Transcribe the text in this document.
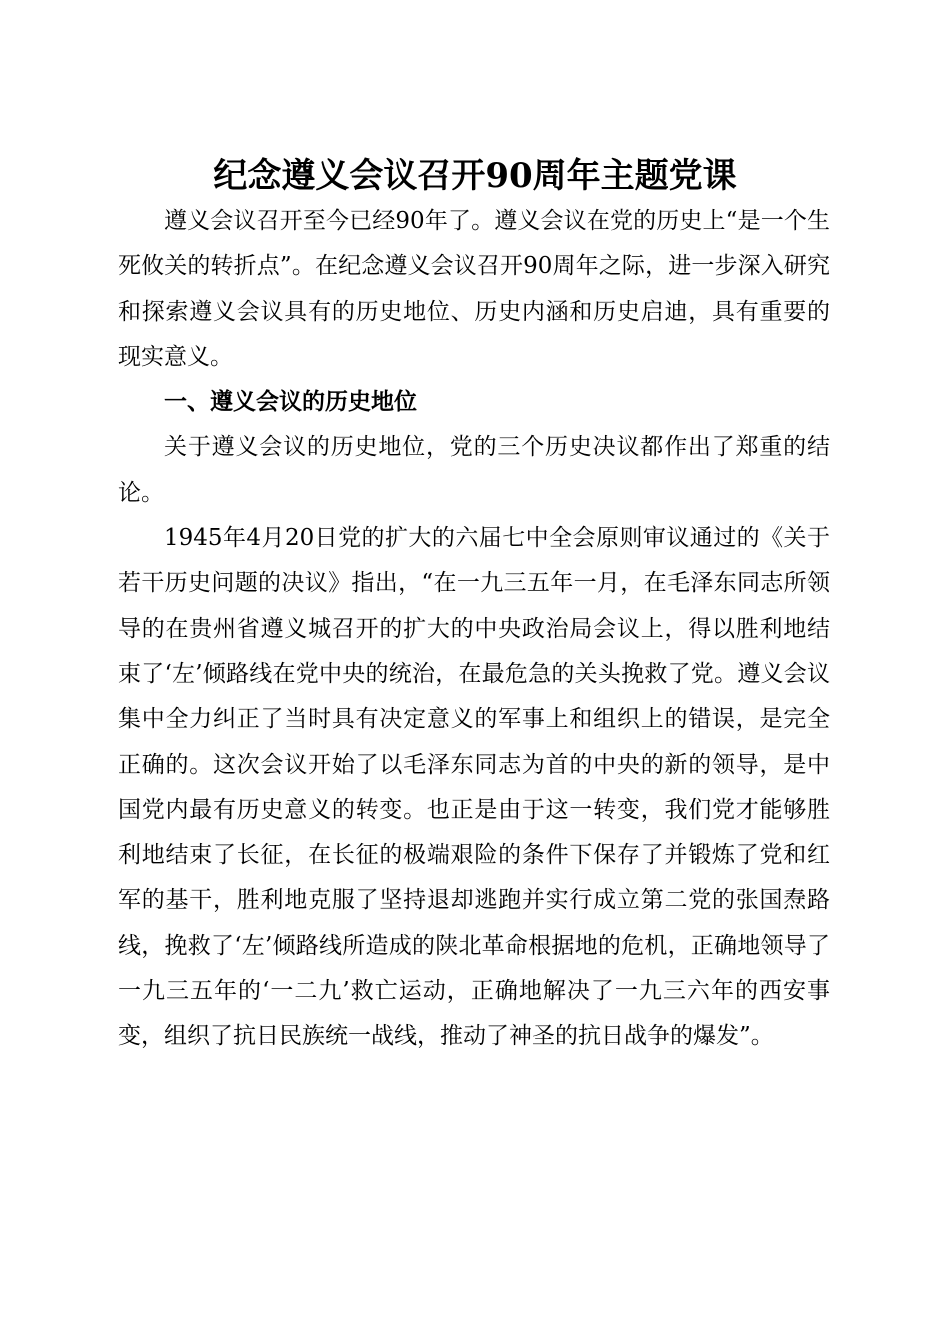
纪念遵义会议召开90周年主题党课

遵义会议召开至今已经90年了。遵义会议在党的历史上“是一个生死攸关的转折点”。在纪念遵义会议召开90周年之际，进一步深入研究和探索遵义会议具有的历史地位、历史内涵和历史启迪，具有重要的现实意义。

一、遵义会议的历史地位

关于遵义会议的历史地位，党的三个历史决议都作出了郑重的结论。

1945年4月20日党的扩大的六届七中全会原则审议通过的《关于若干历史问题的决议》指出，“在一九三五年一月，在毛泽东同志所领导的在贵州省遵义城召开的扩大的中央政治局会议上，得以胜利地结束了‘左’倾路线在党中央的统治，在最危急的关头挽救了党。遵义会议集中全力纠正了当时具有决定意义的军事上和组织上的错误，是完全正确的。这次会议开始了以毛泽东同志为首的中央的新的领导，是中国党内最有历史意义的转变。也正是由于这一转变，我们党才能够胜利地结束了长征，在长征的极端艰险的条件下保存了并锻炼了党和红军的基干，胜利地克服了坚持退却逃跑并实行成立第二党的张国焘路线，挽救了‘左’倾路线所造成的陕北革命根据地的危机，正确地领导了一九三五年的‘一二九’救亡运动，正确地解决了一九三六年的西安事变，组织了抗日民族统一战线，推动了神圣的抗日战争的爆发”。
